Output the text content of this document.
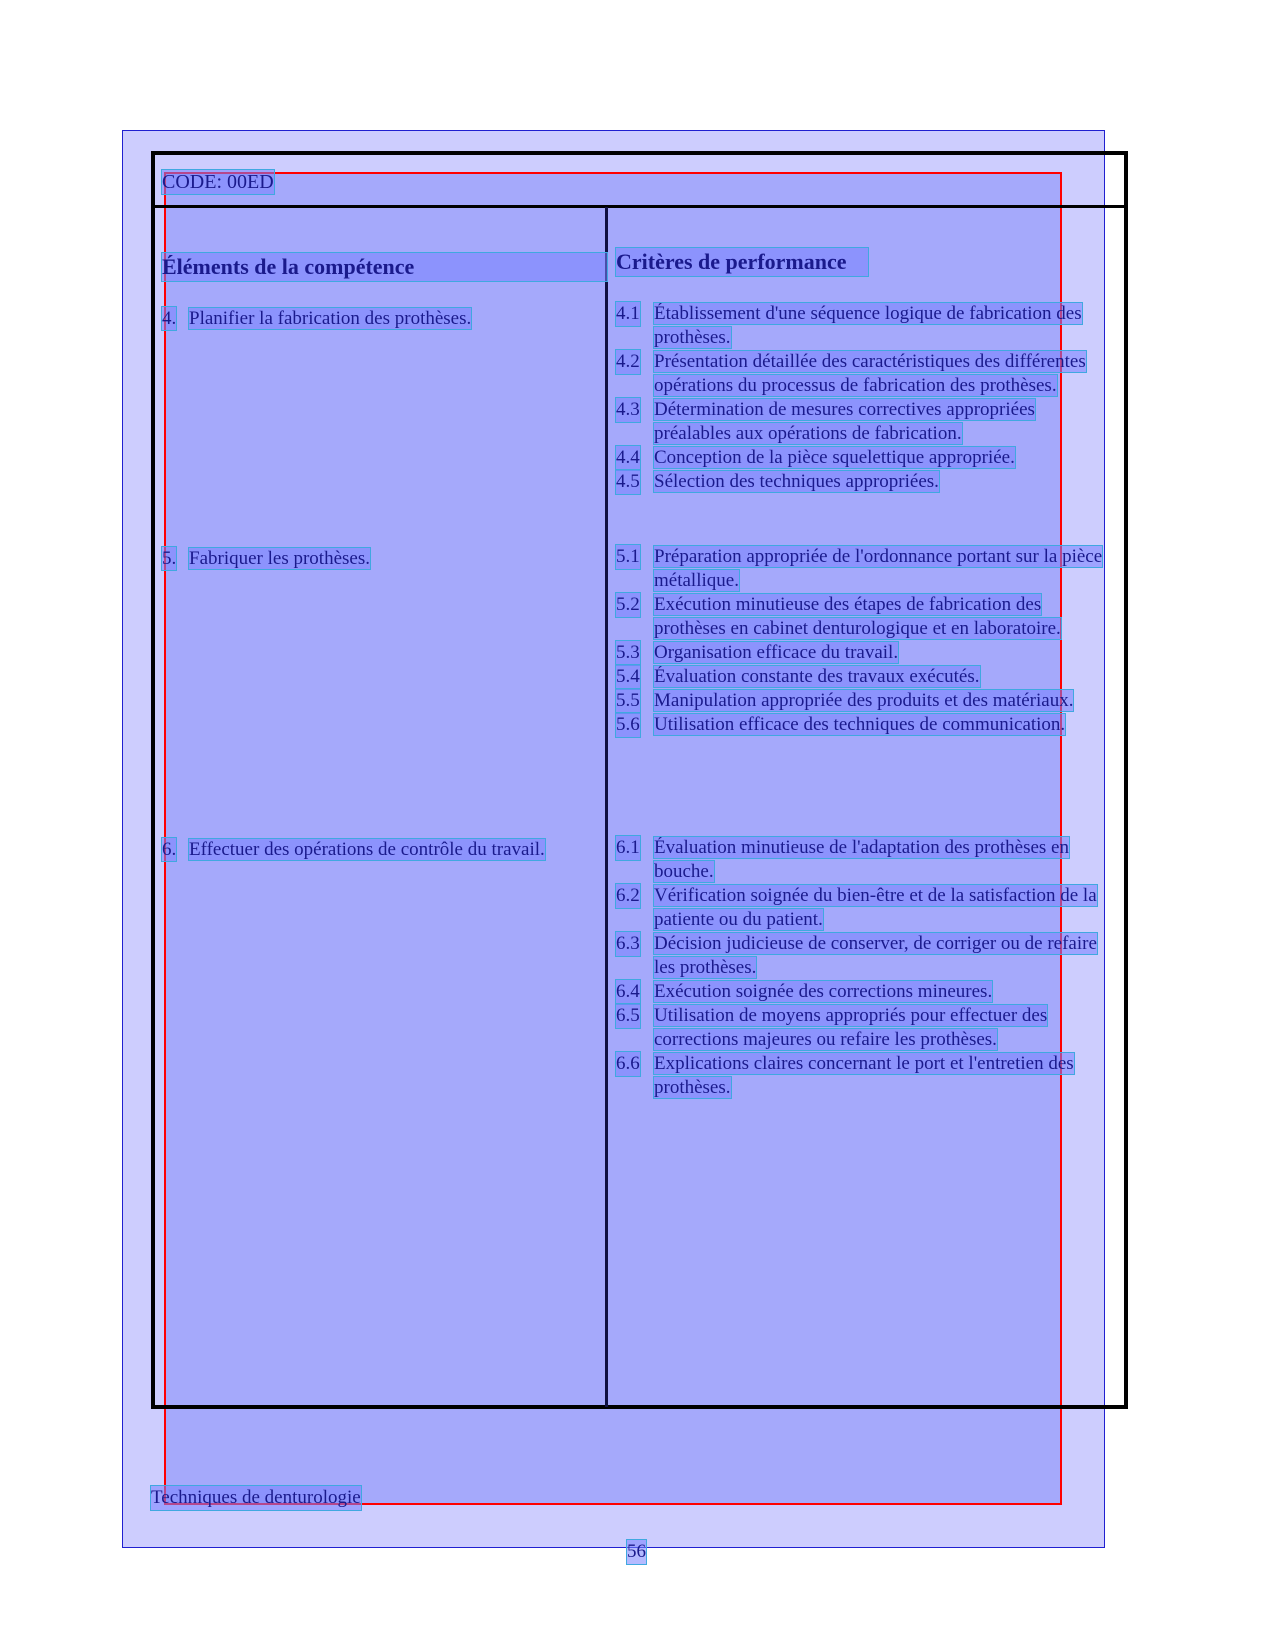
CODE: 00ED
Éléments de la compétence	Critères de performance
4. Planifier la fabrication des prothèses.
5. Fabriquer les prothèses.
6. Effectuer des opérations de contrôle du travail.

4.1 Établissement d'une séquence logique de fabrication des prothèses.

4.2 Présentation détaillée des caractéristiques des différentes opérations du processus de fabrication des prothèses.

4.3 Détermination de mesures correctives appropriées préalables aux opérations de fabrication.

4.4 Conception de la pièce squelettique appropriée.

4.5 Sélection des techniques appropriées.

5.1 Préparation appropriée de l'ordonnance portant sur la pièce métallique.

5.2 Exécution minutieuse des étapes de fabrication des prothèses en cabinet denturologique et en laboratoire.

5.3 Organisation efficace du travail.

5.4 Évaluation constante des travaux exécutés.

5.5 Manipulation appropriée des produits et des matériaux.

5.6 Utilisation efficace des techniques de communication.

6.1 Évaluation minutieuse de l'adaptation des prothèses en bouche.

6.2 Vérification soignée du bien-être et de la satisfaction de la patiente ou du patient.

6.3 Décision judicieuse de conserver, de corriger ou de refaire les prothèses.

6.4 Exécution soignée des corrections mineures.

6.5 Utilisation de moyens appropriés pour effectuer des corrections majeures ou refaire les prothèses.

6.6 Explications claires concernant le port et l'entretien des prothèses.

Techniques de denturologie
56
